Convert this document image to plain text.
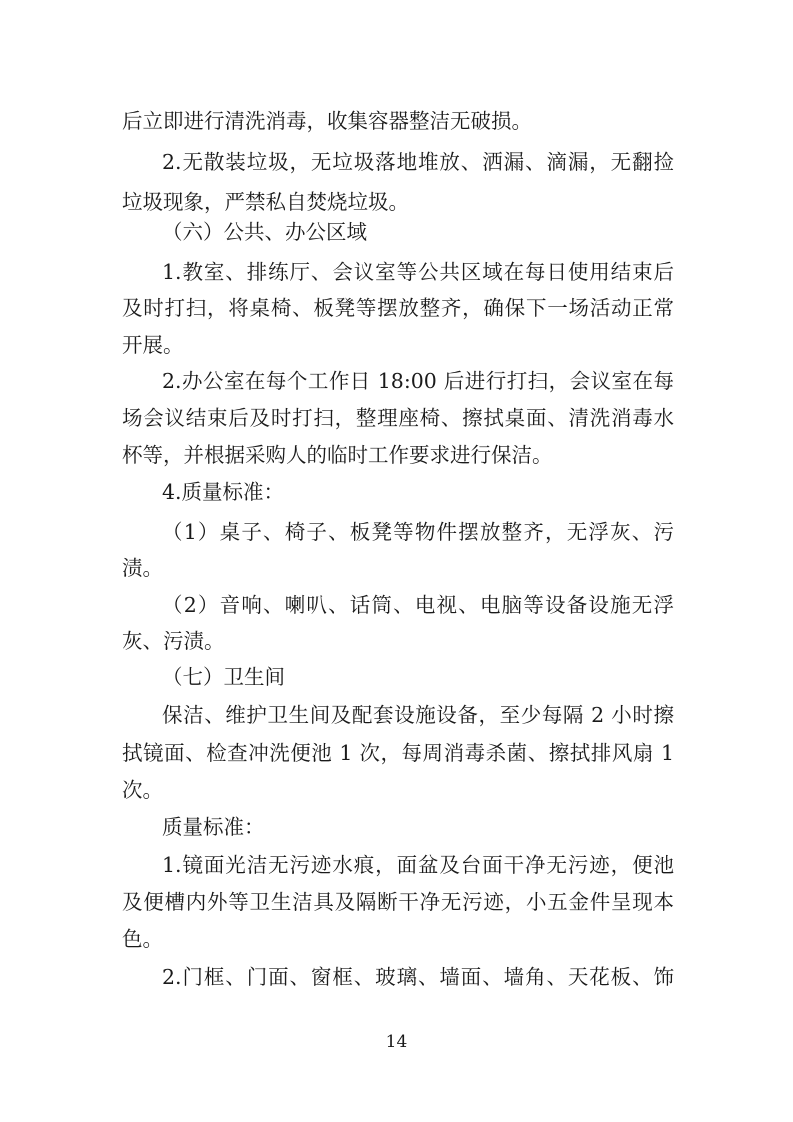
后立即进行清洗消毒，收集容器整洁无破损。
2.无散装垃圾，无垃圾落地堆放、洒漏、滴漏，无翻捡
垃圾现象，严禁私自焚烧垃圾。
（六）公共、办公区域
1.教室、排练厅、会议室等公共区域在每日使用结束后
及时打扫，将桌椅、板凳等摆放整齐，确保下一场活动正常
开展。
2.办公室在每个工作日 18:00 后进行打扫，会议室在每
场会议结束后及时打扫，整理座椅、擦拭桌面、清洗消毒水
杯等，并根据采购人的临时工作要求进行保洁。
4.质量标准：
（1）桌子、椅子、板凳等物件摆放整齐，无浮灰、污
渍。
（2）音响、喇叭、话筒、电视、电脑等设备设施无浮
灰、污渍。
（七）卫生间
保洁、维护卫生间及配套设施设备，至少每隔 2 小时擦
拭镜面、检查冲洗便池 1 次，每周消毒杀菌、擦拭排风扇 1
次。
质量标准：
1.镜面光洁无污迹水痕，面盆及台面干净无污迹，便池
及便槽内外等卫生洁具及隔断干净无污迹，小五金件呈现本
色。
2.门框、门面、窗框、玻璃、墙面、墙角、天花板、饰
14
